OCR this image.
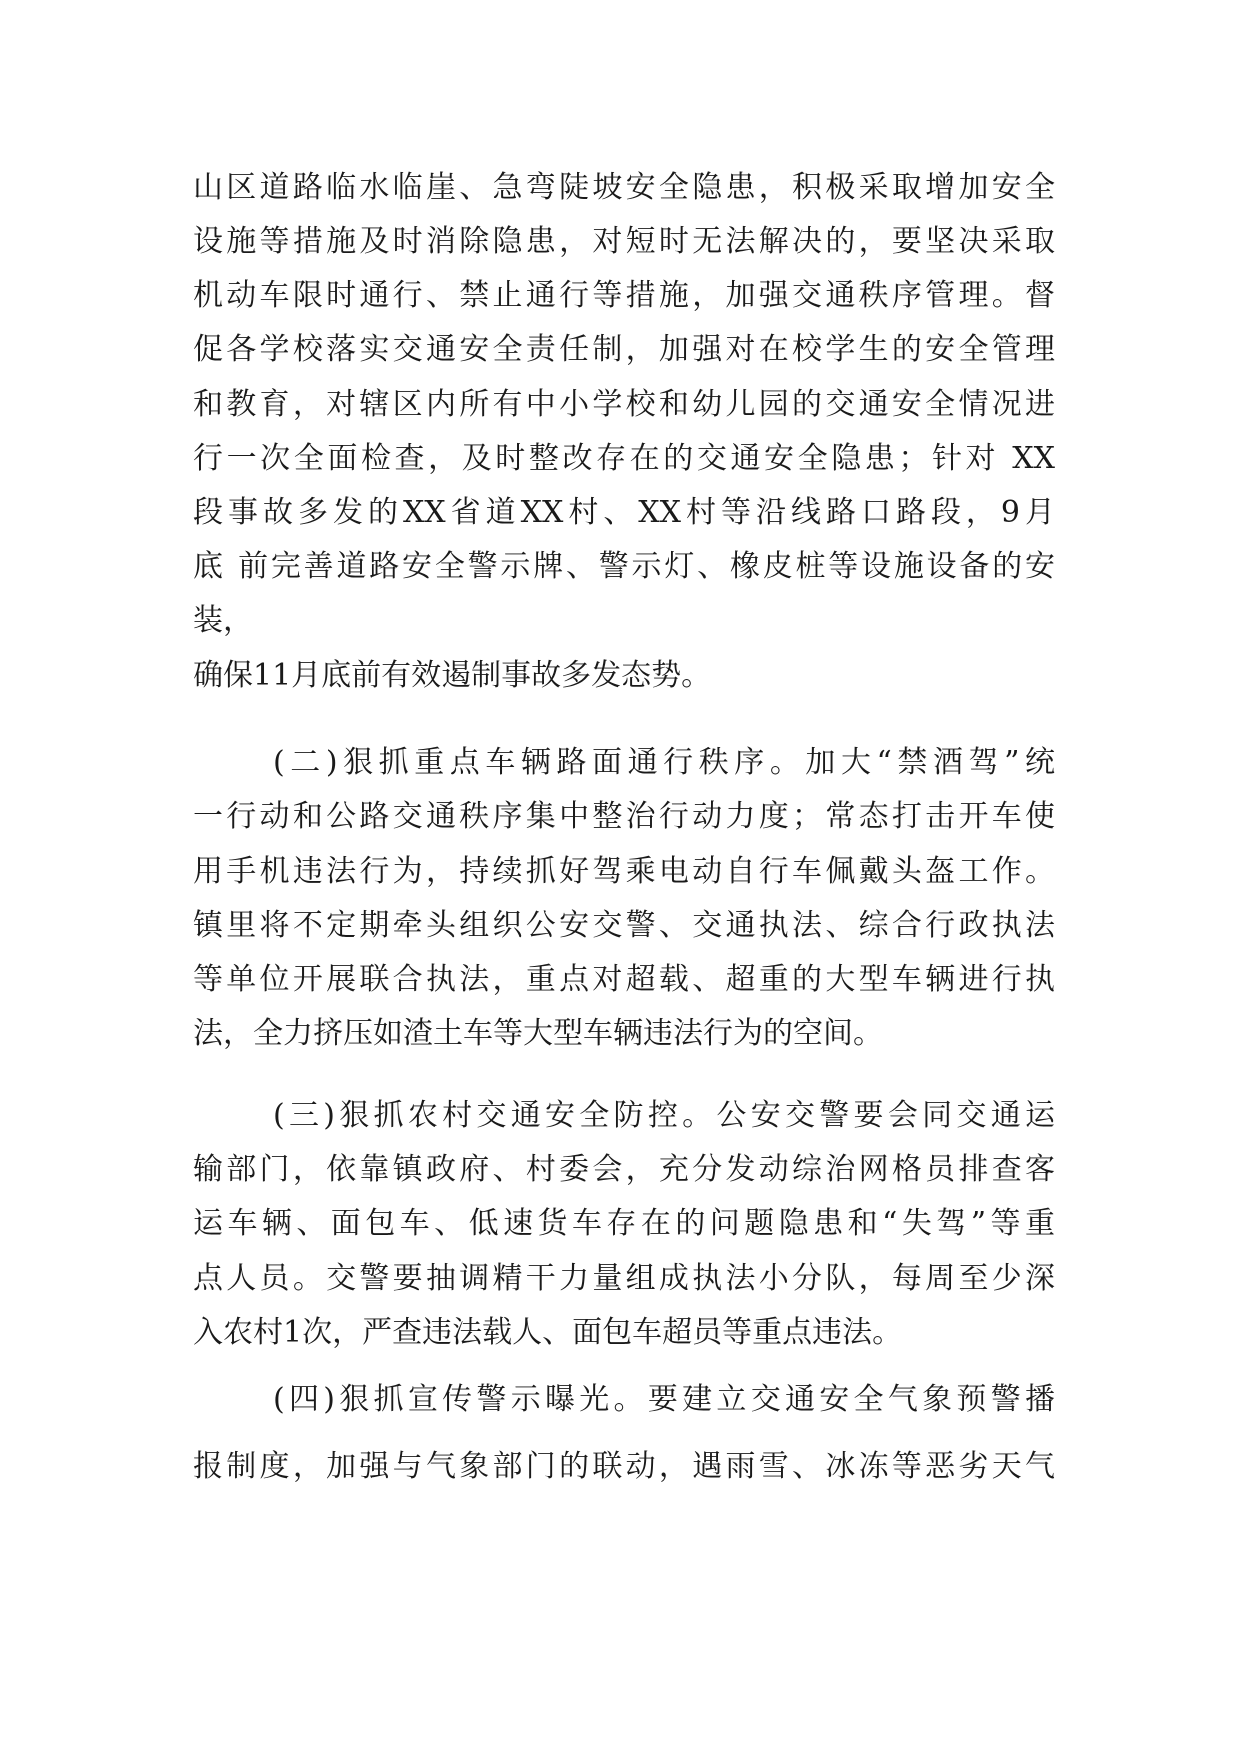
山区道路临水临崖、急弯陡坡安全隐患，积极采取增加安全
设施等措施及时消除隐患，对短时无法解决的，要坚决采取
机动车限时通行、禁止通行等措施，加强交通秩序管理。督
促各学校落实交通安全责任制，加强对在校学生的安全管理
和教育，对辖区内所有中小学校和幼儿园的交通安全情况进
行一次全面检查，及时整改存在的交通安全隐患；针对 XX
段事故多发的XX省道XX村、XX村等沿线路口路段，9月
底 前完善道路安全警示牌、警示灯、橡皮桩等设施设备的安
装，
确保11月底前有效遏制事故多发态势。
(二)狠抓重点车辆路面通行秩序。加大“禁酒驾”统
一行动和公路交通秩序集中整治行动力度；常态打击开车使
用手机违法行为，持续抓好驾乘电动自行车佩戴头盔工作。
镇里将不定期牵头组织公安交警、交通执法、综合行政执法
等单位开展联合执法，重点对超载、超重的大型车辆进行执
法，全力挤压如渣土车等大型车辆违法行为的空间。
(三)狠抓农村交通安全防控。公安交警要会同交通运
输部门，依靠镇政府、村委会，充分发动综治网格员排查客
运车辆、面包车、低速货车存在的问题隐患和“失驾”等重
点人员。交警要抽调精干力量组成执法小分队，每周至少深
入农村1次，严查违法载人、面包车超员等重点违法。
(四)狠抓宣传警示曝光。要建立交通安全气象预警播
报制度，加强与气象部门的联动，遇雨雪、冰冻等恶劣天气
